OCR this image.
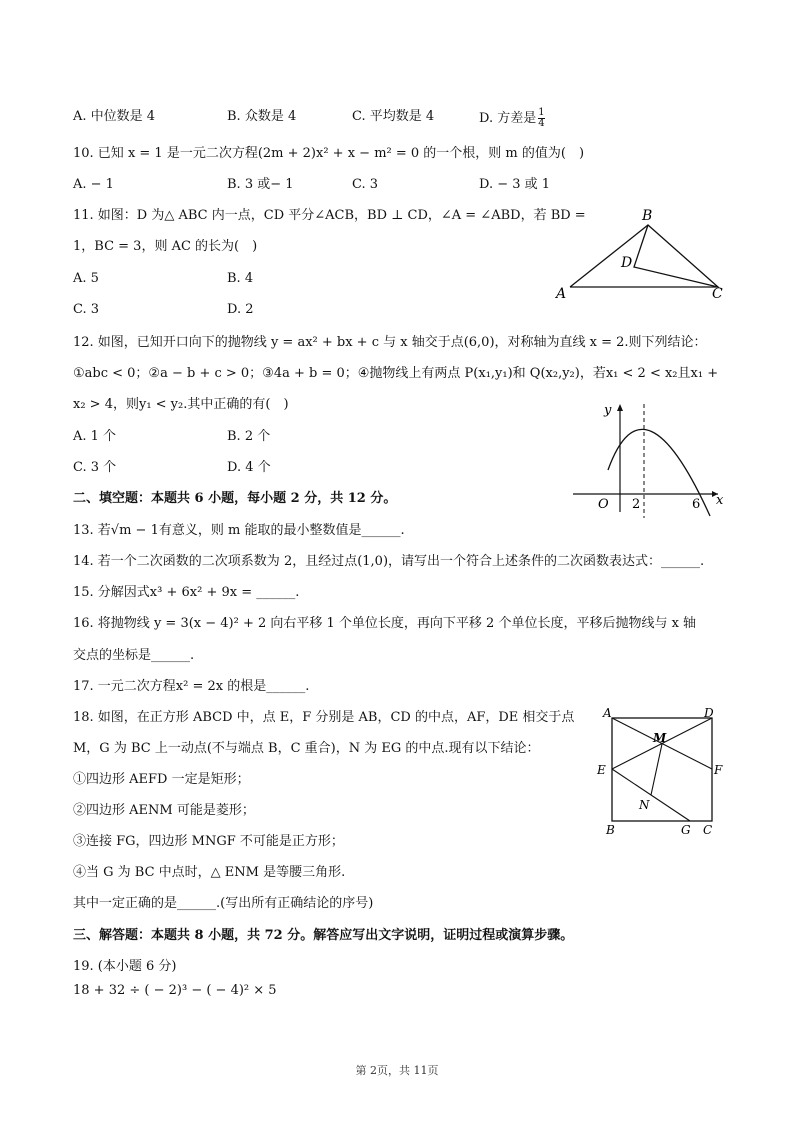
A. 中位数是 4	B. 众数是 4	C. 平均数是 4	D. 方差是 $\frac{1}{4}$
10. 已知 x = 1 是一元二次方程(2m + 2)x² + x − m² = 0 的一个根，则 m 的值为(　)
A. − 1	B. 3 或− 1	C. 3	D. − 3 或 1
11. 如图：D 为△ ABC 内一点，CD 平分∠ACB，BD ⊥ CD，∠A = ∠ABD，若 BD =
1，BC = 3，则 AC 的长为(　)
A. 5	B. 4
C. 3	D. 2
A
B
C
D
12. 如图，已知开口向下的抛物线 y = ax² + bx + c 与 x 轴交于点(6,0)，对称轴为直线 x = 2.则下列结论：
①abc < 0；②a − b + c > 0；③4a + b = 0；④抛物线上有两点 P(x₁,y₁)和 Q(x₂,y₂)，若x₁ < 2 < x₂且x₁ +
x₂ > 4，则y₁ < y₂.其中正确的有(　)
A. 1 个	B. 2 个
C. 3 个	D. 4 个
y
x
O 2	6
二、填空题：本题共 6 小题，每小题 2 分，共 12 分。
13. 若√m − 1有意义，则 m 能取的最小整数值是______.
14. 若一个二次函数的二次项系数为 2，且经过点(1,0)，请写出一个符合上述条件的二次函数表达式：______.
15. 分解因式x³ + 6x² + 9x = ______.
16. 将抛物线 y = 3(x − 4)² + 2 向右平移 1 个单位长度，再向下平移 2 个单位长度，平移后抛物线与 x 轴
交点的坐标是______.
17. 一元二次方程x² = 2x 的根是______.
18. 如图，在正方形 ABCD 中，点 E，F 分别是 AB，CD 的中点，AF，DE 相交于点
M，G 为 BC 上一动点(不与端点 B，C 重合)，N 为 EG 的中点.现有以下结论：
①四边形 AEFD 一定是矩形；
②四边形 AENM 可能是菱形；
③连接 FG，四边形 MNGF 不可能是正方形；
④当 G 为 BC 中点时，△ ENM 是等腰三角形.
其中一定正确的是______.(写出所有正确结论的序号)
A	D
M
E	F
N
B	G C
三、解答题：本题共 8 小题，共 72 分。解答应写出文字说明，证明过程或演算步骤。
19. (本小题 6 分)
18 + 32 ÷ ( − 2)³ − ( − 4)² × 5
第 2页，共 11页
